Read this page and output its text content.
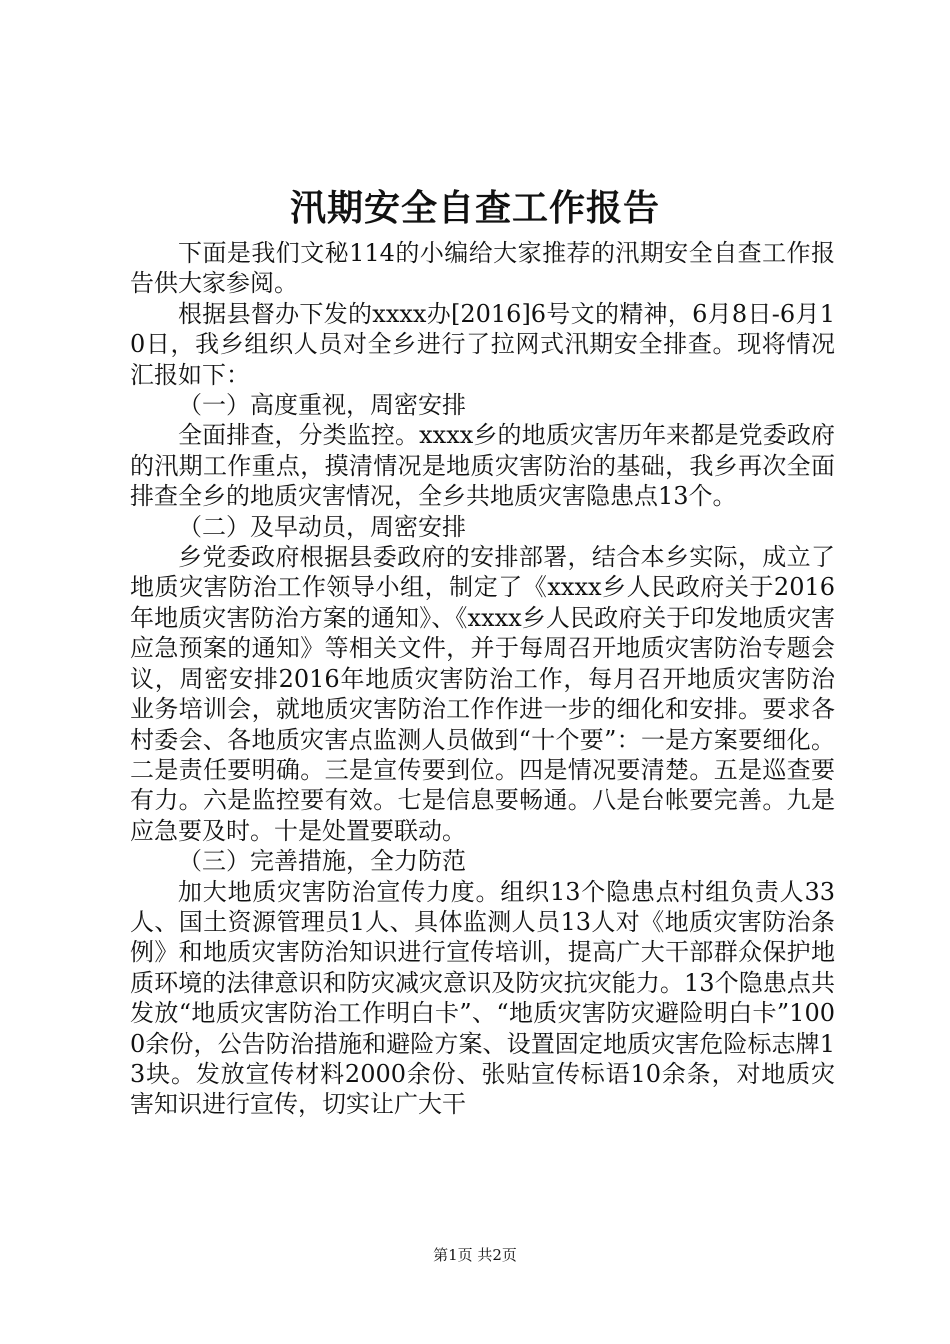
汛期安全自查工作报告

下面是我们文秘114的小编给大家推荐的汛期安全自查工作报告供大家参阅。

根据县督办下发的xxxx办[2016]6号文的精神，6月8日-6月10日，我乡组织人员对全乡进行了拉网式汛期安全排查。现将情况汇报如下：

（一）高度重视，周密安排

全面排查，分类监控。xxxx乡的地质灾害历年来都是党委政府的汛期工作重点，摸清情况是地质灾害防治的基础，我乡再次全面排查全乡的地质灾害情况，全乡共地质灾害隐患点13个。

（二）及早动员，周密安排

乡党委政府根据县委政府的安排部署，结合本乡实际，成立了地质灾害防治工作领导小组，制定了《xxxx乡人民政府关于2016年地质灾害防治方案的通知》、《xxxx乡人民政府关于印发地质灾害应急预案的通知》等相关文件，并于每周召开地质灾害防治专题会议，周密安排2016年地质灾害防治工作，每月召开地质灾害防治业务培训会，就地质灾害防治工作作进一步的细化和安排。要求各村委会、各地质灾害点监测人员做到“十个要”：一是方案要细化。二是责任要明确。三是宣传要到位。四是情况要清楚。五是巡查要有力。六是监控要有效。七是信息要畅通。八是台帐要完善。九是应急要及时。十是处置要联动。

（三）完善措施，全力防范

加大地质灾害防治宣传力度。组织13个隐患点村组负责人33人、国土资源管理员1人、具体监测人员13人对《地质灾害防治条例》和地质灾害防治知识进行宣传培训，提高广大干部群众保护地质环境的法律意识和防灾减灾意识及防灾抗灾能力。13个隐患点共发放“地质灾害防治工作明白卡”、“地质灾害防灾避险明白卡”1000余份，公告防治措施和避险方案、设置固定地质灾害危险标志牌13块。发放宣传材料2000余份、张贴宣传标语10余条，对地质灾害知识进行宣传，切实让广大干

第1页 共2页
